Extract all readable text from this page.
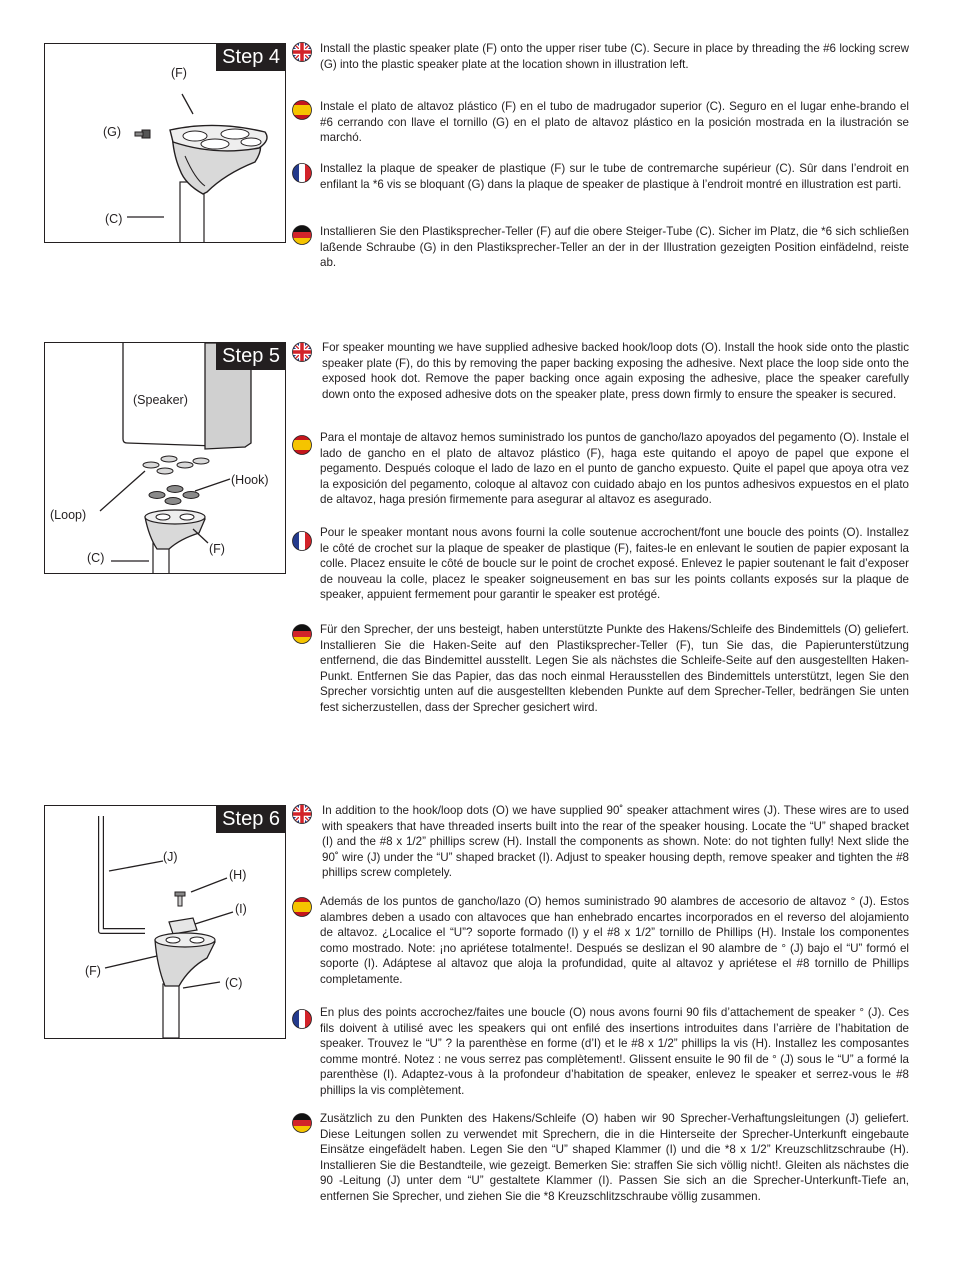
Step 4
(F)
(G)
(C)

Install the plastic speaker plate (F) onto the upper riser tube (C). Secure in place by threading the #6 locking screw (G) into the plastic speaker plate at the location shown in illustration left.

Instale el plato de altavoz plástico (F) en el tubo de madrugador superior (C). Seguro en el lugar enhe-brando el #6 cerrando con llave el tornillo (G) en el plato de altavoz plástico en la posición mostrada en la ilustración se marchó.

Installez la plaque de speaker de plastique (F) sur le tube de contremarche supérieur (C). Sûr dans l’endroit en enfilant la *6 vis se bloquant (G) dans la plaque de speaker de plastique à l’endroit montré en illustration est parti.

Installieren Sie den Plastiksprecher-Teller (F) auf die obere Steiger-Tube (C). Sicher im Platz, die *6 sich schließen laßende Schraube (G) in den Plastiksprecher-Teller an der in der Illustration gezeigten Position einfädelnd, reiste ab.

Step 5
(Speaker)
(Hook)
(Loop)
(C)
(F)

For speaker mounting we have supplied adhesive backed hook/loop dots (O). Install the hook side onto the plastic speaker plate (F), do this by removing the paper backing exposing the adhesive. Next place the loop side onto the exposed hook dot. Remove the paper backing once again exposing the adhesive, place the speaker carefully down onto the exposed adhesive dots on the speaker plate, press down firmly to ensure the speaker is secured.

Para el montaje de altavoz hemos suministrado los puntos de gancho/lazo apoyados del pegamento (O). Instale el lado de gancho en el plato de altavoz plástico (F), haga este quitando el apoyo de papel que expone el pegamento. Después coloque el lado de lazo en el punto de gancho expuesto. Quite el papel que apoya otra vez la exposición del pegamento, coloque al altavoz con cuidado abajo en los puntos adhesivos expuestos en el plato de altavoz, haga presión firmemente para asegurar al altavoz es asegurado.

Pour le speaker montant nous avons fourni la colle soutenue accrochent/font une boucle des points (O). Installez le côté de crochet sur la plaque de speaker de plastique (F), faites-le en enlevant le soutien de papier exposant la colle. Placez ensuite le côté de boucle sur le point de crochet exposé. Enlevez le papier soutenant le fait d’exposer de nouveau la colle, placez le speaker soigneusement en bas sur les points collants exposés sur la plaque de speaker, appuient fermement pour garantir le speaker est protégé.

Für den Sprecher, der uns besteigt, haben unterstützte Punkte des Hakens/Schleife des Bindemittels (O) geliefert. Installieren Sie die Haken-Seite auf den Plastiksprecher-Teller (F), tun Sie das, die Papierunterstützung entfernend, die das Bindemittel ausstellt. Legen Sie als nächstes die Schleife-Seite auf den ausgestellten Haken-Punkt. Entfernen Sie das Papier, das das noch einmal Herausstellen des Bindemittels unterstützt, legen Sie den Sprecher vorsichtig unten auf die ausgestellten klebenden Punkte auf dem Sprecher-Teller, bedrängen Sie unten fest sicherzustellen, dass der Sprecher gesichert wird.

Step 6
(J)
(H)
(I)
(F)
(C)

In addition to the hook/loop dots (O) we have supplied 90˚ speaker attachment wires (J). These wires are to used with speakers that have threaded inserts built into the rear of the speaker housing. Locate the “U” shaped bracket (I) and the #8 x 1/2” phillips screw (H). Install the components as shown. Note: do not tighten fully! Next slide the 90˚ wire (J) under the “U” shaped bracket (I). Adjust to speaker housing depth, remove speaker and tighten the #8 phillips screw completely.

Además de los puntos de gancho/lazo (O) hemos suministrado 90 alambres de accesorio de altavoz ° (J). Estos alambres deben a usado con altavoces que han enhebrado encartes incorporados en el reverso del alojamiento de altavoz. ¿Localice el “U”? soporte formado (I) y el #8 x 1/2” tornillo de Phillips (H). Instale los componentes como mostrado. Note: ¡no apriétese totalmente!. Después se deslizan el 90 alambre de ° (J) bajo el “U” formó el soporte (I). Adáptese al altavoz que aloja la profundidad, quite al altavoz y apriétese el #8 tornillo de Phillips completamente.

En plus des points accrochez/faites une boucle (O) nous avons fourni 90 fils d’attachement de speaker ° (J). Ces fils doivent à utilisé avec les speakers qui ont enfilé des insertions introduites dans l’arrière de l’habitation de speaker. Trouvez le “U” ? la parenthèse en forme (d’I) et le #8 x 1/2” phillips la vis (H). Installez les composantes comme montré. Notez : ne vous serrez pas complètement!. Glissent ensuite le 90 fil de ° (J) sous le “U” a formé la parenthèse (I). Adaptez-vous à la profondeur d’habitation de speaker, enlevez le speaker et serrez-vous le #8 phillips la vis complètement.

Zusätzlich zu den Punkten des Hakens/Schleife (O) haben wir 90 Sprecher-Verhaftungsleitungen (J) geliefert. Diese Leitungen sollen zu verwendet mit Sprechern, die in die Hinterseite der Sprecher-Unterkunft eingebaute Einsätze eingefädelt haben. Legen Sie den “U” shaped Klammer (I) und die *8 x 1/2” Kreuzschlitzschraube (H). Installieren Sie die Bestandteile, wie gezeigt. Bemerken Sie: straffen Sie sich völlig nicht!. Gleiten als nächstes die 90 -Leitung (J) unter dem “U” gestaltete Klammer (I). Passen Sie sich an die Sprecher-Unterkunft-Tiefe an, entfernen Sie Sprecher, und ziehen Sie die *8 Kreuzschlitzschraube völlig zusammen.
